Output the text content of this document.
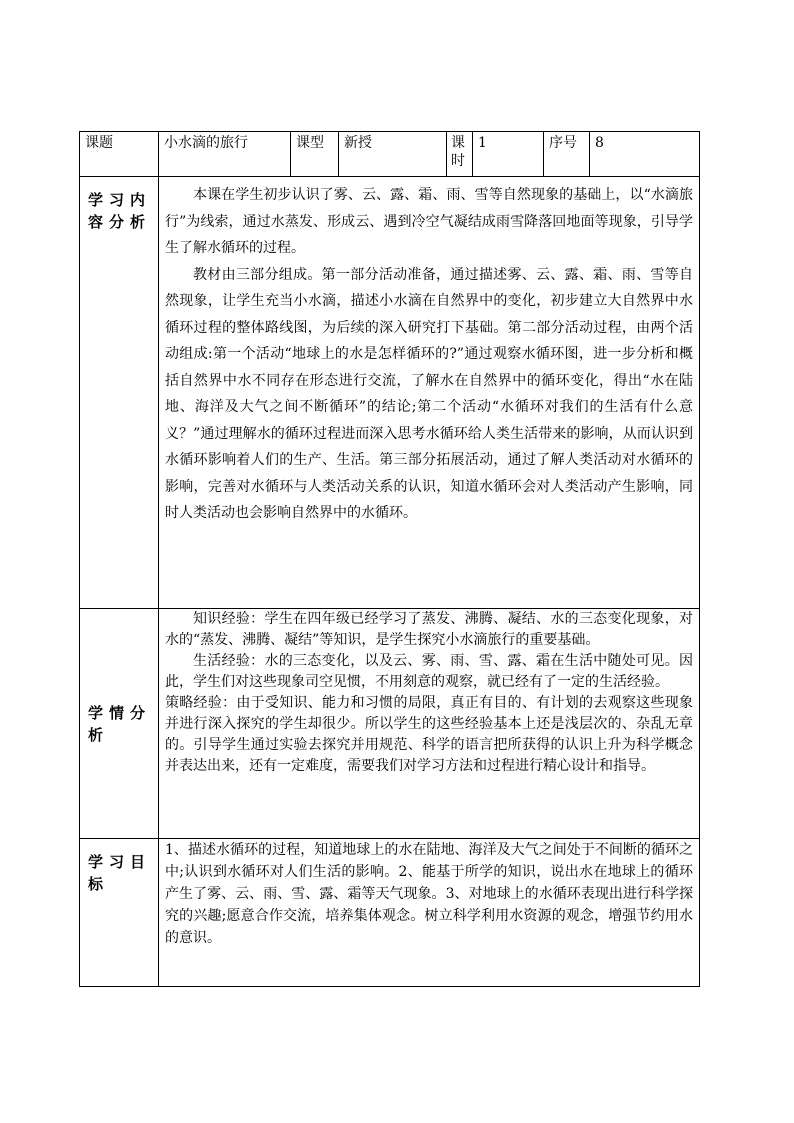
课题	小水滴的旅行	课型	新授	课时	1	序号	8
学习内容分析	本课在学生初步认识了雾、云、露、霜、雨、雪等自然现象的基础上，以“水滴旅行”为线索，通过水蒸发、形成云、遇到冷空气凝结成雨雪降落回地面等现象，引导学生了解水循环的过程。

教材由三部分组成。第一部分活动准备，通过描述雾、云、露、霜、雨、雪等自然现象，让学生充当小水滴，描述小水滴在自然界中的变化，初步建立大自然界中水循环过程的整体路线图，为后续的深入研究打下基础。第二部分活动过程，由两个活动组成:第一个活动“地球上的水是怎样循环的?”通过观察水循环图，进一步分析和概括自然界中水不同存在形态进行交流，了解水在自然界中的循环变化，得出“水在陆地、海洋及大气之间不断循环”的结论;第二个活动“水循环对我们的生活有什么意义？”通过理解水的循环过程进而深入思考水循环给人类生活带来的影响，从而认识到水循环影响着人们的生产、生活。第三部分拓展活动，通过了解人类活动对水循环的影响，完善对水循环与人类活动关系的认识，知道水循环会对人类活动产生影响，同时人类活动也会影响自然界中的水循环。						

学情分析	知识经验：学生在四年级已经学习了蒸发、沸腾、凝结、水的三态变化现象，对水的“蒸发、沸腾、凝结”等知识，是学生探究小水滴旅行的重要基础。

生活经验：水的三态变化，以及云、雾、雨、雪、露、霜在生活中随处可见。因此，学生们对这些现象司空见惯，不用刻意的观察，就已经有了一定的生活经验。

策略经验：由于受知识、能力和习惯的局限，真正有目的、有计划的去观察这些现象并进行深入探究的学生却很少。所以学生的这些经验基本上还是浅层次的、杂乱无章的。引导学生通过实验去探究并用规范、科学的语言把所获得的认识上升为科学概念并表达出来，还有一定难度，需要我们对学习方法和过程进行精心设计和指导。						

学习目标	1、描述水循环的过程，知道地球上的水在陆地、海洋及大气之间处于不间断的循环之中;认识到水循环对人们生活的影响。2、能基于所学的知识，说出水在地球上的循环产生了雾、云、雨、雪、露、霜等天气现象。3、对地球上的水循环表现出进行科学探究的兴趣;愿意合作交流，培养集体观念。树立科学利用水资源的观念，增强节约用水的意识。						
